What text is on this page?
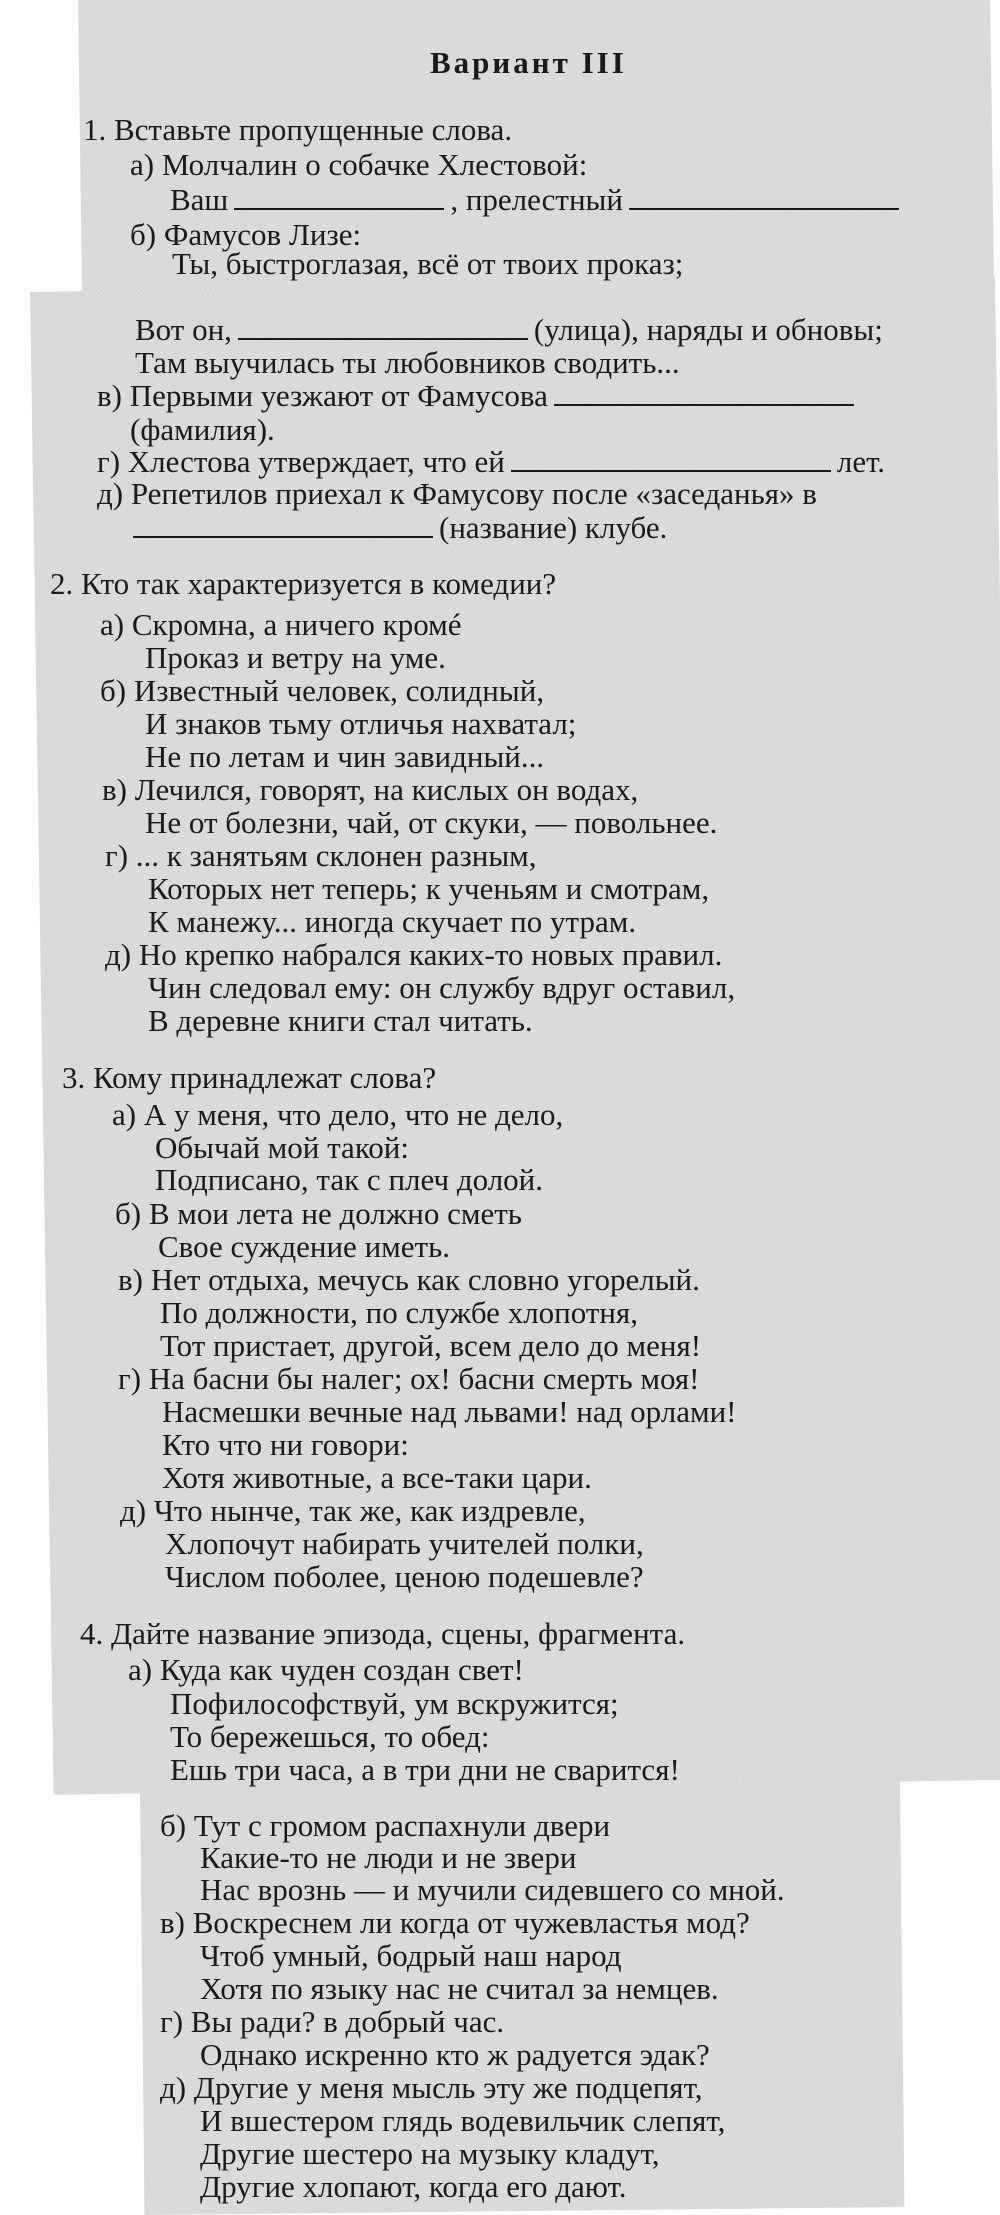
Вариант III
1. Вставьте пропущенные слова.
а) Молчалин о собачке Хлестовой:
Ваш	, прелестный
б) Фамусов Лизе:
Ты, быстроглазая, всё от твоих проказ;
Вот он,	(улица), наряды и обновы;
Там выучилась ты любовников сводить...
в) Первыми уезжают от Фамусова
(фамилия).
г) Хлестова утверждает, что ей	лет.
д) Репетилов приехал к Фамусову после «заседанья» в
(название) клубе.
2. Кто так характеризуется в комедии?
а) Скромна, а ничего кромé
Проказ и ветру на уме.
б) Известный человек, солидный,
И знаков тьму отличья нахватал;
Не по летам и чин завидный...
в) Лечился, говорят, на кислых он водах,
Не от болезни, чай, от скуки, — повольнее.
г) ... к занятьям склонен разным,
Которых нет теперь; к ученьям и смотрам,
К манежу... иногда скучает по утрам.
д) Но крепко набрался каких-то новых правил.
Чин следовал ему: он службу вдруг оставил,
В деревне книги стал читать.
3. Кому принадлежат слова?
а) А у меня, что дело, что не дело,
Обычай мой такой:
Подписано, так с плеч долой.
б) В мои лета не должно сметь
Свое суждение иметь.
в) Нет отдыха, мечусь как словно угорелый.
По должности, по службе хлопотня,
Тот пристает, другой, всем дело до меня!
г) На басни бы налег; ох! басни смерть моя!
Насмешки вечные над львами! над орлами!
Кто что ни говори:
Хотя животные, а все-таки цари.
д) Что нынче, так же, как издревле,
Хлопочут набирать учителей полки,
Числом поболее, ценою подешевле?
4. Дайте название эпизода, сцены, фрагмента.
а) Куда как чуден создан свет!
Пофилософствуй, ум вскружится;
То бережешься, то обед:
Ешь три часа, а в три дни не сварится!
б) Тут с громом распахнули двери
Какие-то не люди и не звери
Нас врознь — и мучили сидевшего со мной.
в) Воскреснем ли когда от чужевластья мод?
Чтоб умный, бодрый наш народ
Хотя по языку нас не считал за немцев.
г) Вы ради? в добрый час.
Однако искренно кто ж радуется эдак?
д) Другие у меня мысль эту же подцепят,
И вшестером глядь водевильчик слепят,
Другие шестеро на музыку кладут,
Другие хлопают, когда его дают.
